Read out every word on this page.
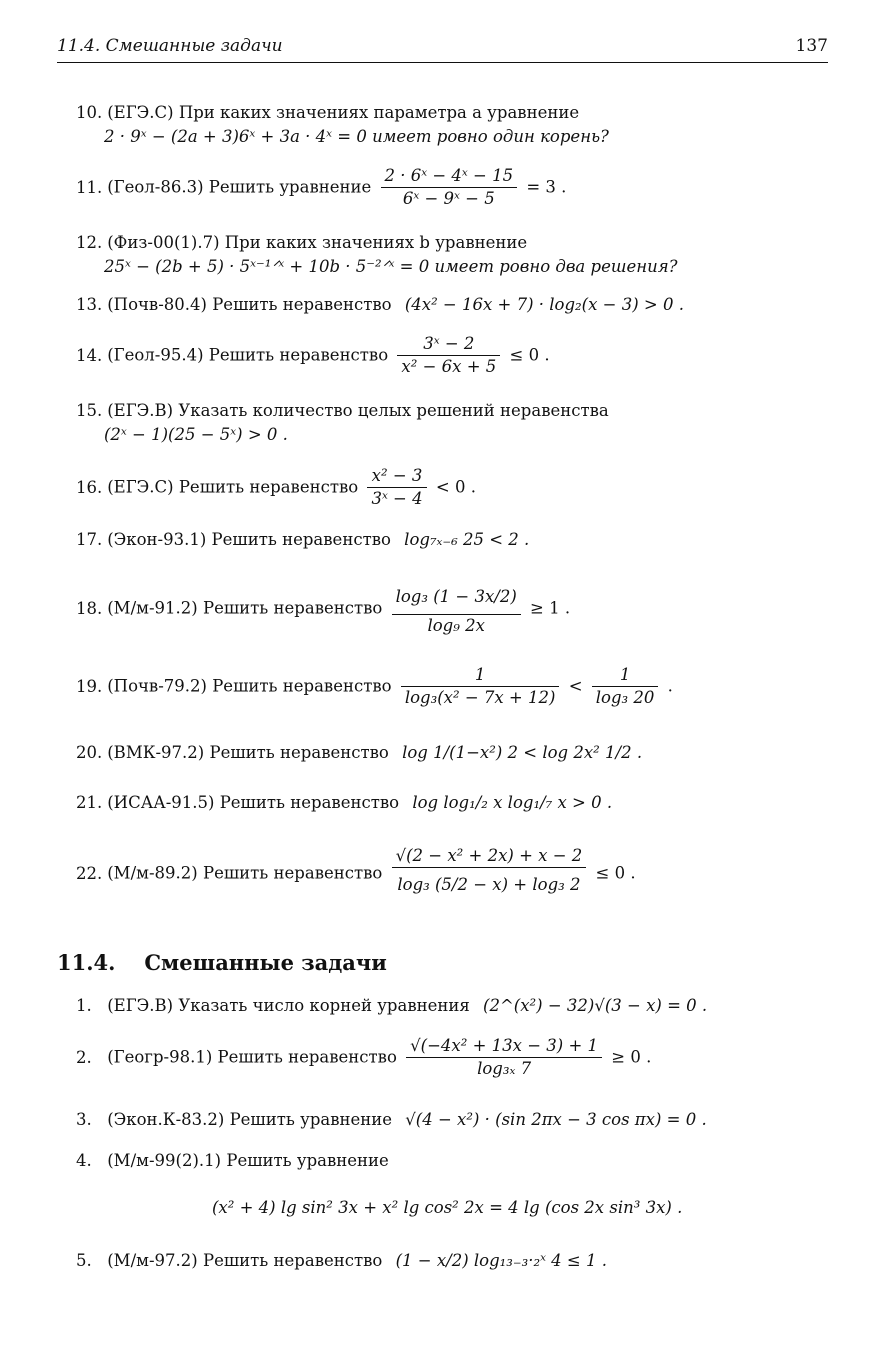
11.4. Смешанные задачи	137
10. (ЕГЭ.С) При каких значениях параметра a уравнение
2 · 9ˣ − (2a + 3)6ˣ + 3a · 4ˣ = 0 имеет ровно один корень?
11. (Геол-86.3) Решить уравнение $\frac{\text{2 · 6ˣ − 4ˣ − 15}}{\text{6ˣ − 9ˣ − 5}} = 3$ .
12. (Физ-00(1).7) При каких значениях b уравнение
25ˣ − (2b + 5) · 5ˣ⁻¹ᐟˣ + 10b · 5⁻²ᐟˣ = 0 имеет ровно два решения?
13. (Почв-80.4) Решить неравенство (4x² − 16x + 7) · log₂(x − 3) > 0 .
14. (Геол-95.4) Решить неравенство $\frac{\text{3ˣ − 2}}{\text{x² − 6x + 5}} \le 0$ .
15. (ЕГЭ.В) Указать количество целых решений неравенства
(2ˣ − 1)(25 − 5ˣ) > 0 .
16. (ЕГЭ.С) Решить неравенство $\frac{\text{x² − 3}}{\text{3ˣ − 4}} < 0$ .
17. (Экон-93.1) Решить неравенство log₇ₓ₋₆ 25 < 2 .
18. (М/м-91.2) Решить неравенство $\frac{\text{log₃ (1 − 3x/2)}}{\text{log₉ 2x}} \ge 1$ .
19. (Почв-79.2) Решить неравенство $\frac{1}{\text{log₃(x² − 7x + 12)}} < \frac{1}{\text{log₃ 20}}$ .
20. (ВМК-97.2) Решить неравенство log 1/(1−x²) 2 < log 2x² 1/2 .
21. (ИСАА-91.5) Решить неравенство log log₁/₂ x log₁/₇ x > 0 .
22. (М/м-89.2) Решить неравенство $\frac{\text{√(2 − x² + 2x) + x − 2}}{\text{log₃ (5/2 − x) + log₃ 2}} \le 0$ .
11.4. Смешанные задачи
1. (ЕГЭ.В) Указать число корней уравнения (2^(x²) − 32)√(3 − x) = 0 .
2. (Геогр-98.1) Решить неравенство $\frac{\text{√(−4x² + 13x − 3) + 1}}{\text{log₃ₓ 7}} \ge 0$ .
3. (Экон.К-83.2) Решить уравнение √(4 − x²) · (sin 2πx − 3 cos πx) = 0 .
4. (М/м-99(2).1) Решить уравнение
(x² + 4) lg sin² 3x + x² lg cos² 2x = 4 lg (cos 2x sin³ 3x) .
5. (М/м-97.2) Решить неравенство (1 − x/2) log₁₃₋₃·₂ˣ 4 ≤ 1 .
